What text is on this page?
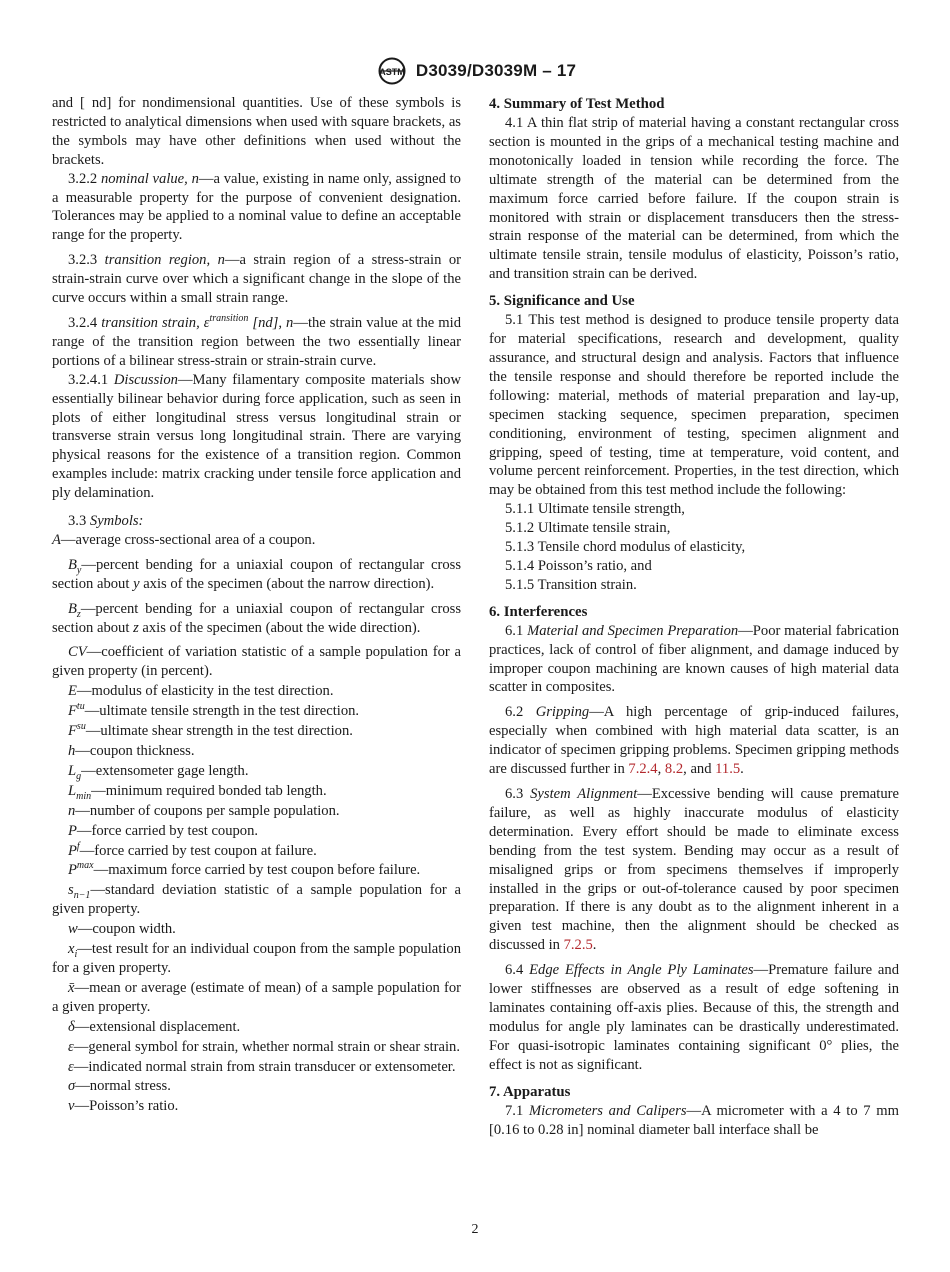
ASTM D3039/D3039M – 17

and [ nd] for nondimensional quantities. Use of these symbols is restricted to analytical dimensions when used with square brackets, as the symbols may have other definitions when used without the brackets.

3.2.2 nominal value, n—a value, existing in name only, assigned to a measurable property for the purpose of convenient designation. Tolerances may be applied to a nominal value to define an acceptable range for the property.

3.2.3 transition region, n—a strain region of a stress-strain or strain-strain curve over which a significant change in the slope of the curve occurs within a small strain range.

3.2.4 transition strain, $\varepsilon^{transition}$ [nd], n—the strain value at the mid range of the transition region between the two essentially linear portions of a bilinear stress-strain or strain-strain curve.

3.2.4.1 Discussion—Many filamentary composite materials show essentially bilinear behavior during force application, such as seen in plots of either longitudinal stress versus longitudinal strain or transverse strain versus long longitudinal strain. There are varying physical reasons for the existence of a transition region. Common examples include: matrix cracking under tensile force application and ply delamination.

3.3 Symbols:

A—average cross-sectional area of a coupon.

$B_y—percent$ bending for a uniaxial coupon of rectangular cross section about y axis of the specimen (about the narrow direction).

$B_z—percent$ bending for a uniaxial coupon of rectangular cross section about z axis of the specimen (about the wide direction).

CV—coefficient of variation statistic of a sample population for a given property (in percent).

E—modulus of elasticity in the test direction.

$F^{tu}—ultimate$ tensile strength in the test direction.

$F^{su}—ultimate$ shear strength in the test direction.

h—coupon thickness.

$L_g—extensometer$ gage length.

$L_{min}—minimum$ required bonded tab length.

n—number of coupons per sample population.

P—force carried by test coupon.

$P^f—force$ carried by test coupon at failure.

$P^{max}—maximum$ force carried by test coupon before failure.

$s_{n-1}—standard$ deviation statistic of a sample population for a given property.

w—coupon width.

$x_i—test$ result for an individual coupon from the sample population for a given property.

x̄—mean or average (estimate of mean) of a sample population for a given property.

δ—extensional displacement.

ε—general symbol for strain, whether normal strain or shear strain.

ε—indicated normal strain from strain transducer or extensometer.

σ—normal stress.

ν—Poisson’s ratio.

4. Summary of Test Method

4.1 A thin flat strip of material having a constant rectangular cross section is mounted in the grips of a mechanical testing machine and monotonically loaded in tension while recording the force. The ultimate strength of the material can be determined from the maximum force carried before failure. If the coupon strain is monitored with strain or displacement transducers then the stress-strain response of the material can be determined, from which the ultimate tensile strain, tensile modulus of elasticity, Poisson’s ratio, and transition strain can be derived.

5. Significance and Use

5.1 This test method is designed to produce tensile property data for material specifications, research and development, quality assurance, and structural design and analysis. Factors that influence the tensile response and should therefore be reported include the following: material, methods of material preparation and lay-up, specimen stacking sequence, specimen preparation, specimen conditioning, environment of testing, specimen alignment and gripping, speed of testing, time at temperature, void content, and volume percent reinforcement. Properties, in the test direction, which may be obtained from this test method include the following:

5.1.1 Ultimate tensile strength,

5.1.2 Ultimate tensile strain,

5.1.3 Tensile chord modulus of elasticity,

5.1.4 Poisson’s ratio, and

5.1.5 Transition strain.

6. Interferences

6.1 Material and Specimen Preparation—Poor material fabrication practices, lack of control of fiber alignment, and damage induced by improper coupon machining are known causes of high material data scatter in composites.

6.2 Gripping—A high percentage of grip-induced failures, especially when combined with high material data scatter, is an indicator of specimen gripping problems. Specimen gripping methods are discussed further in 7.2.4, 8.2, and 11.5.

6.3 System Alignment—Excessive bending will cause premature failure, as well as highly inaccurate modulus of elasticity determination. Every effort should be made to eliminate excess bending from the test system. Bending may occur as a result of misaligned grips or from specimens themselves if improperly installed in the grips or out-of-tolerance caused by poor specimen preparation. If there is any doubt as to the alignment inherent in a given test machine, then the alignment should be checked as discussed in 7.2.5.

6.4 Edge Effects in Angle Ply Laminates—Premature failure and lower stiffnesses are observed as a result of edge softening in laminates containing off-axis plies. Because of this, the strength and modulus for angle ply laminates can be drastically underestimated. For quasi-isotropic laminates containing significant 0° plies, the effect is not as significant.

7. Apparatus

7.1 Micrometers and Calipers—A micrometer with a 4 to 7 mm [0.16 to 0.28 in] nominal diameter ball interface shall be

2
